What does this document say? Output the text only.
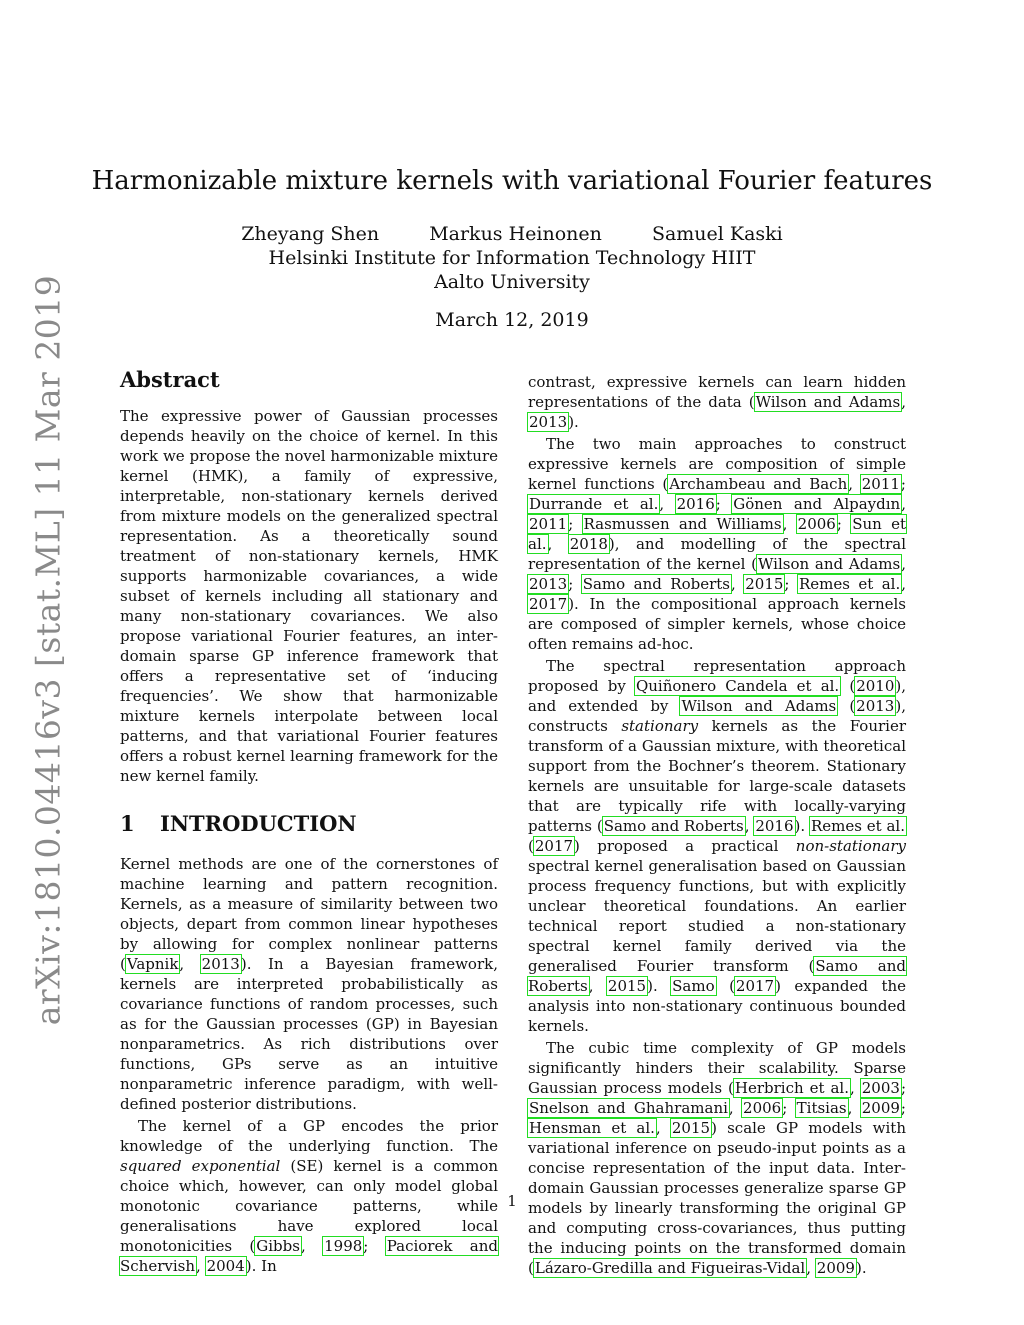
arXiv:1810.04416v3 [stat.ML] 11 Mar 2019
Harmonizable mixture kernels with variational Fourier features
Zheyang Shen	Markus Heinonen	Samuel Kaski
Helsinki Institute for Information Technology HIIT
Aalto University
March 12, 2019
Abstract

The expressive power of Gaussian processes depends heavily on the choice of kernel. In this work we propose the novel harmonizable mixture kernel (HMK), a family of expressive, interpretable, non-stationary kernels derived from mixture models on the generalized spectral representation. As a theoretically sound treatment of non-stationary kernels, HMK supports harmonizable covariances, a wide subset of kernels including all stationary and many non-stationary covariances. We also propose variational Fourier features, an inter-domain sparse GP inference framework that offers a representative set of ‘inducing frequencies’. We show that harmonizable mixture kernels interpolate between local patterns, and that variational Fourier features offers a robust kernel learning framework for the new kernel family.

1 INTRODUCTION

Kernel methods are one of the cornerstones of machine learning and pattern recognition. Kernels, as a measure of similarity between two objects, depart from common linear hypotheses by allowing for complex nonlinear patterns (Vapnik, 2013). In a Bayesian framework, kernels are interpreted probabilistically as covariance functions of random processes, such as for the Gaussian processes (GP) in Bayesian nonparametrics. As rich distributions over functions, GPs serve as an intuitive nonparametric inference paradigm, with well-defined posterior distributions.

The kernel of a GP encodes the prior knowledge of the underlying function. The squared exponential (SE) kernel is a common choice which, however, can only model global monotonic covariance patterns, while generalisations have explored local monotonicities (Gibbs, 1998; Paciorek and Schervish, 2004). In

contrast, expressive kernels can learn hidden representations of the data (Wilson and Adams, 2013).

The two main approaches to construct expressive kernels are composition of simple kernel functions (Archambeau and Bach, 2011; Durrande et al., 2016; Gönen and Alpaydın, 2011; Rasmussen and Williams, 2006; Sun et al., 2018), and modelling of the spectral representation of the kernel (Wilson and Adams, 2013; Samo and Roberts, 2015; Remes et al., 2017). In the compositional approach kernels are composed of simpler kernels, whose choice often remains ad-hoc.

The spectral representation approach proposed by Quiñonero Candela et al. (2010), and extended by Wilson and Adams (2013), constructs stationary kernels as the Fourier transform of a Gaussian mixture, with theoretical support from the Bochner’s theorem. Stationary kernels are unsuitable for large-scale datasets that are typically rife with locally-varying patterns (Samo and Roberts, 2016). Remes et al. (2017) proposed a practical non-stationary spectral kernel generalisation based on Gaussian process frequency functions, but with explicitly unclear theoretical foundations. An earlier technical report studied a non-stationary spectral kernel family derived via the generalised Fourier transform (Samo and Roberts, 2015). Samo (2017) expanded the analysis into non-stationary continuous bounded kernels.

The cubic time complexity of GP models significantly hinders their scalability. Sparse Gaussian process models (Herbrich et al., 2003; Snelson and Ghahramani, 2006; Titsias, 2009; Hensman et al., 2015) scale GP models with variational inference on pseudo-input points as a concise representation of the input data. Inter-domain Gaussian processes generalize sparse GP models by linearly transforming the original GP and computing cross-covariances, thus putting the inducing points on the transformed domain (Lázaro-Gredilla and Figueiras-Vidal, 2009).

1
